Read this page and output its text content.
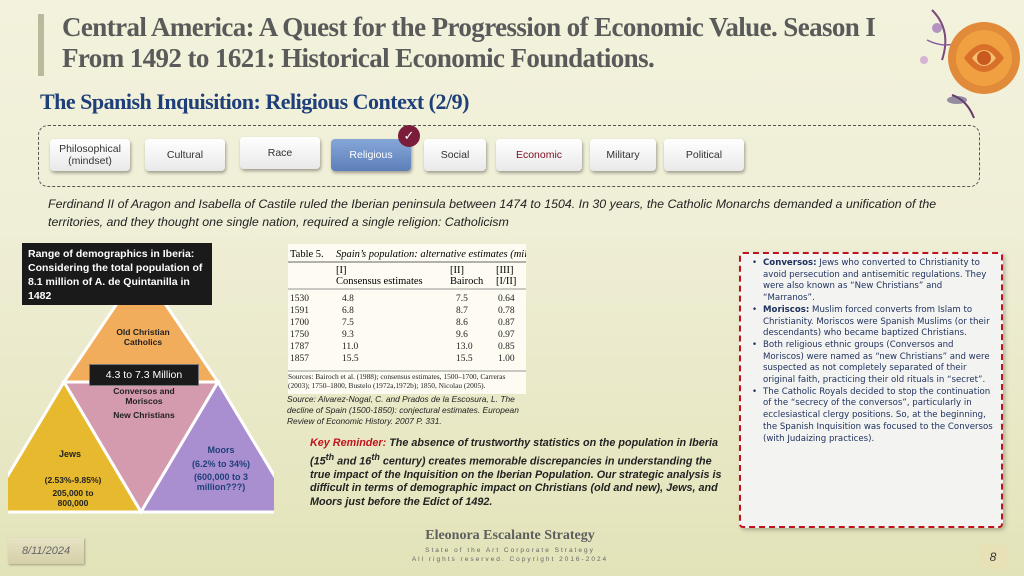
Central America: A Quest for the Progression of Economic Value. Season I
From 1492 to 1621: Historical Economic Foundations.
The Spanish Inquisition: Religious Context (2/9)
Philosophical (mindset)	Cultural	Race	Religious	Social	Economic	Military	Political
✓
Ferdinand II of Aragon and Isabella of Castile ruled the Iberian peninsula between 1474 to 1504. In 30 years, the Catholic Monarchs demanded a unification of the territories, and they thought one single nation, required a single religion: Catholicism
Range of demographics in Iberia: Considering the total population of 8.1 million of A. de Quintanilla in 1482
Old Christian Catholics
4.3 to 7.3 Million
Conversos and Moriscos
New Christians
Jews
(2.53%-9.85%)
205,000 to 800,000
Moors
(6.2% to 34%)
(600,000 to 3 million???)
Table 5. Spain’s population: alternative estimates (million)
[I]
Consensus estimates
[II]
Bairoch
[III]
[I/II]
1530	4.8	7.5	0.64
1591	6.8	8.7	0.78
1700	7.5	8.6	0.87
1750	9.3	9.6	0.97
1787	11.0	13.0	0.85
1857	15.5	15.5	1.00
Sources: Bairoch et al. (1988); consensus estimates, 1500–1700, Carreras (2003); 1750–1800, Bustelo (1972a,1972b); 1850, Nicolau (2005).
Source: Alvarez-Nogal, C. and Prados de la Escosura, L. The decline of Spain (1500-1850): conjectural estimates. European Review of Economic History. 2007 P. 331.
Key Reminder: The absence of trustworthy statistics on the population in Iberia (15th and 16th century) creates memorable discrepancies in understanding the true impact of the Inquisition on the Iberian Population. Our strategic analysis is difficult in terms of demographic impact on Christians (old and new), Jews, and Moors just before the Edict of 1492.
• Conversos: Jews who converted to Christianity to avoid persecution and antisemitic regulations. They were also known as “New Christians” and “Marranos”.
• Moriscos: Muslim forced converts from Islam to Christianity. Moriscos were Spanish Muslims (or their descendants) who became baptized Christians.
• Both religious ethnic groups (Conversos and Moriscos) were named as “new Christians” and were suspected as not completely separated of their original faith, practicing their old rituals in “secret”.
• The Catholic Royals decided to stop the continuation of the “secrecy of the conversos”, particularly in ecclesiastical clergy positions. So, at the beginning, the Spanish Inquisition was focused to the Conversos (with Judaizing practices).
Eleonora Escalante Strategy
State of the Art Corporate Strategy
All rights reserved. Copyright 2016-2024
8/11/2024	8
